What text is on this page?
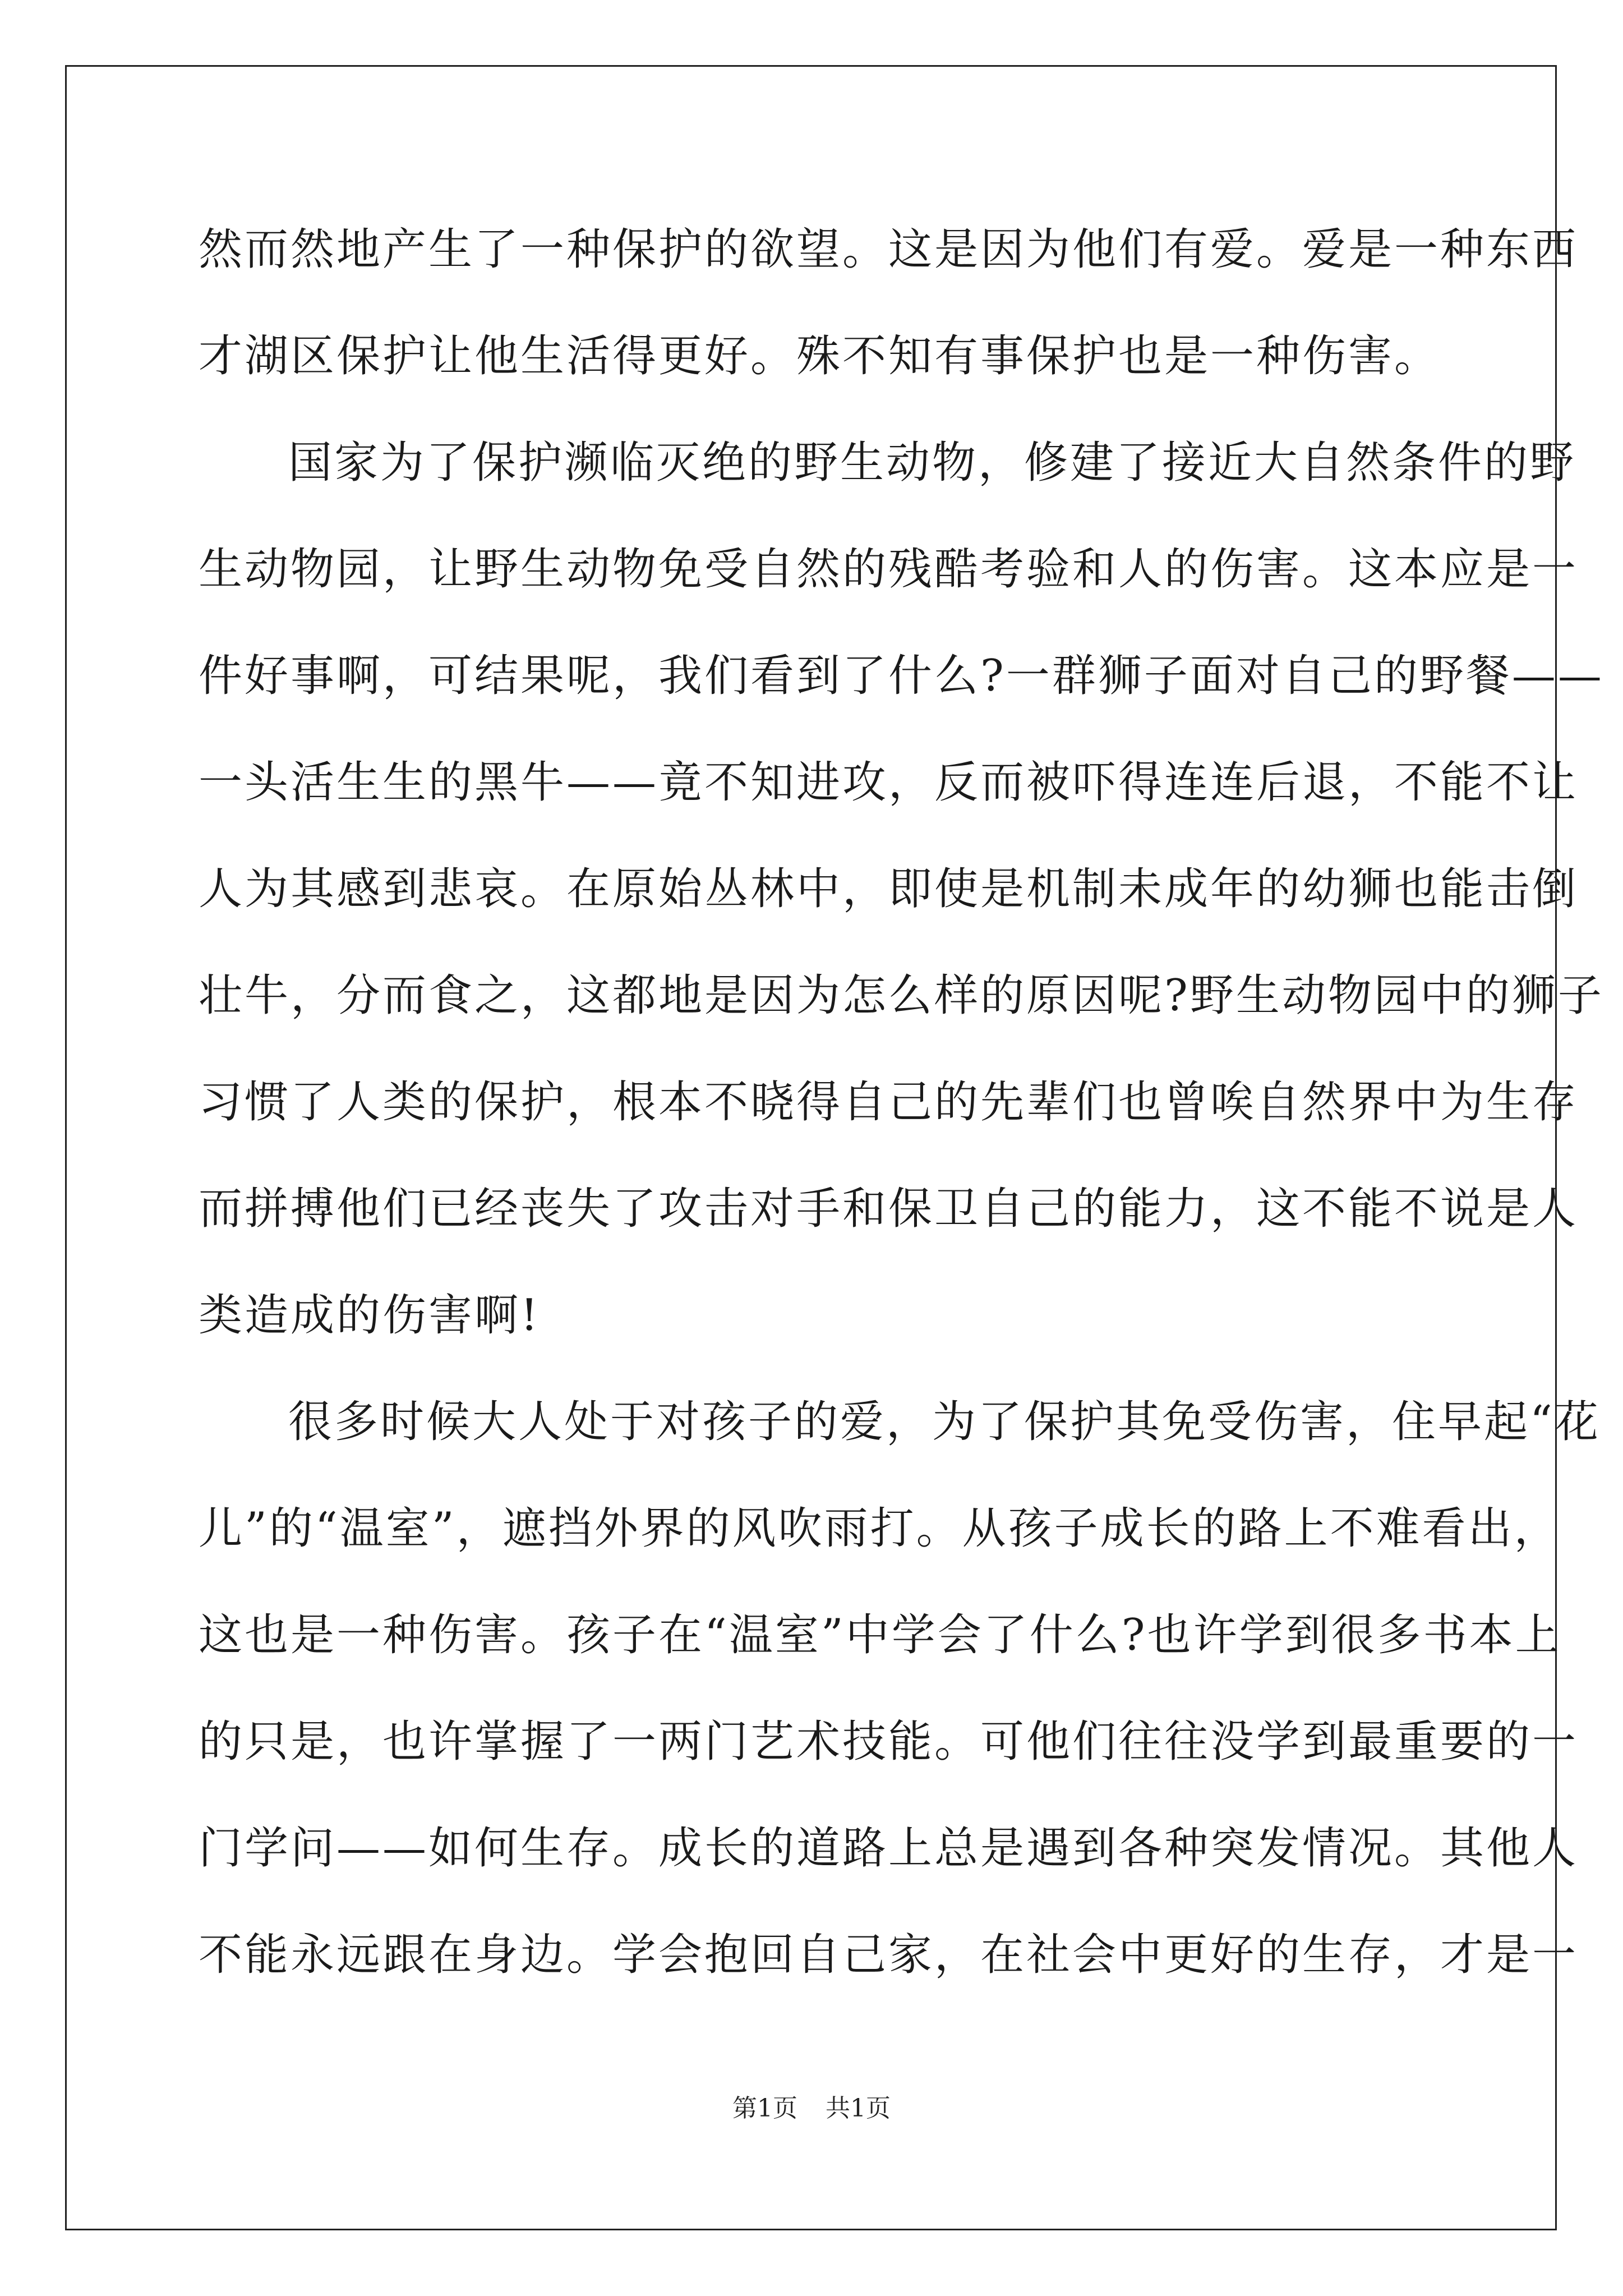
然而然地产生了一种保护的欲望。这是因为他们有爱。爱是一种东西
才湖区保护让他生活得更好。殊不知有事保护也是一种伤害。
国家为了保护濒临灭绝的野生动物，修建了接近大自然条件的野
生动物园，让野生动物免受自然的残酷考验和人的伤害。这本应是一
件好事啊，可结果呢，我们看到了什么?一群狮子面对自己的野餐——
一头活生生的黑牛——竟不知进攻，反而被吓得连连后退，不能不让
人为其感到悲哀。在原始丛林中，即使是机制未成年的幼狮也能击倒
壮牛，分而食之，这都地是因为怎么样的原因呢?野生动物园中的狮子
习惯了人类的保护，根本不晓得自己的先辈们也曾唉自然界中为生存
而拼搏他们已经丧失了攻击对手和保卫自己的能力，这不能不说是人
类造成的伤害啊!
很多时候大人处于对孩子的爱，为了保护其免受伤害，住早起“花
儿”的“温室”，遮挡外界的风吹雨打。从孩子成长的路上不难看出，
这也是一种伤害。孩子在“温室”中学会了什么?也许学到很多书本上
的只是，也许掌握了一两门艺术技能。可他们往往没学到最重要的一
门学问——如何生存。成长的道路上总是遇到各种突发情况。其他人
不能永远跟在身边。学会抱回自己家，在社会中更好的生存，才是一
第1页 共1页
